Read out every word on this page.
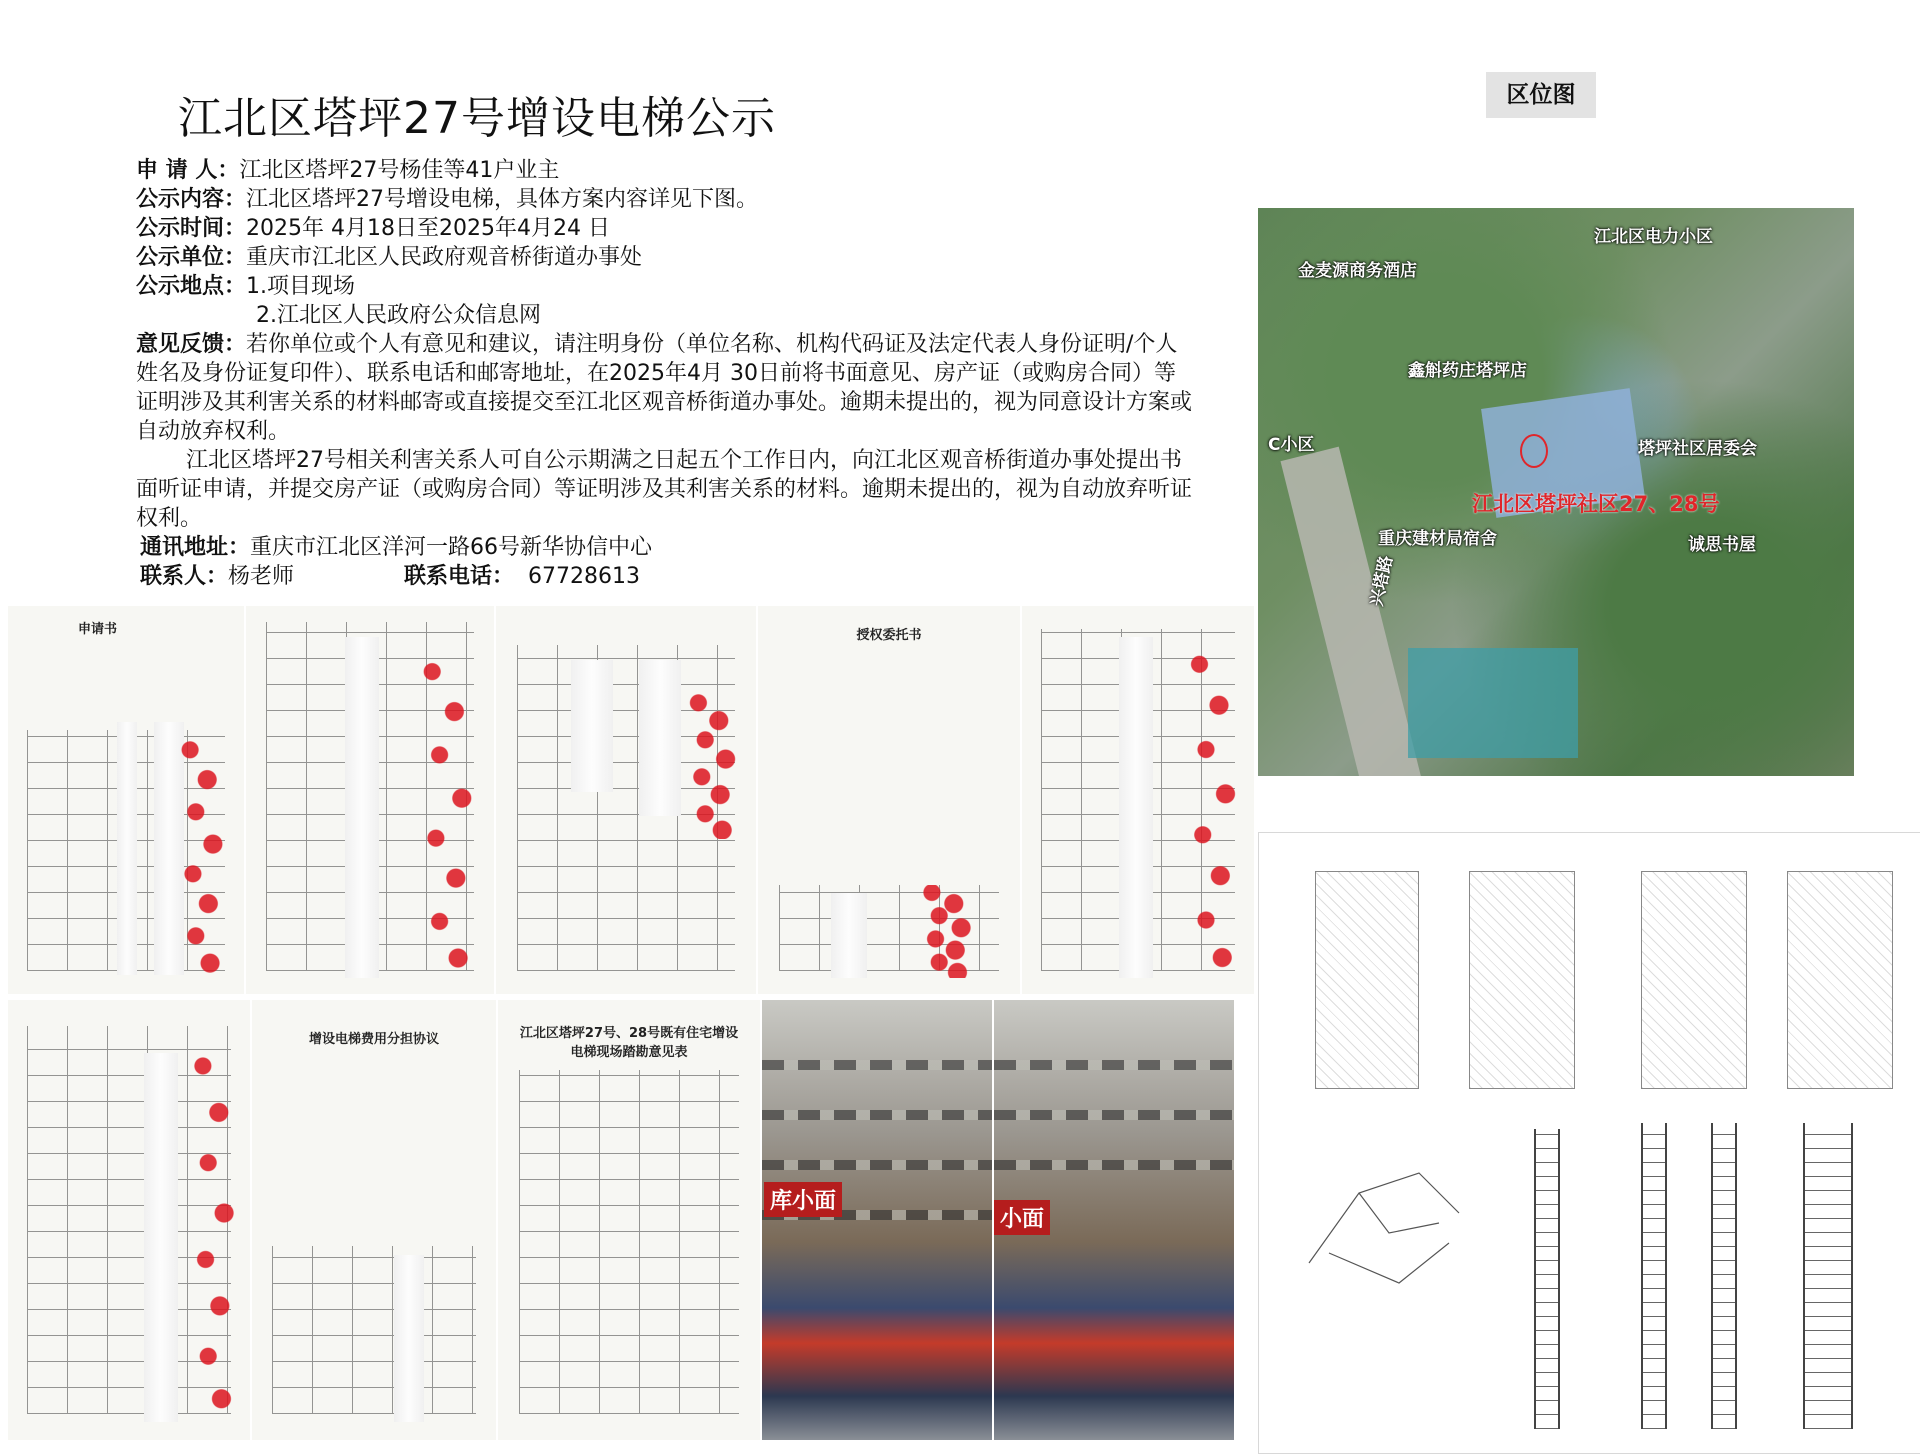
江北区塔坪27号增设电梯公示	区位图
申 请 人： 江北区塔坪27号杨佳等41户业主
公示内容： 江北区塔坪27号增设电梯，具体方案内容详见下图。
公示时间： 2025年 4月18日至2025年4月24 日
公示单位： 重庆市江北区人民政府观音桥街道办事处
公示地点： 1.项目现场
2.江北区人民政府公众信息网
意见反馈：若你单位或个人有意见和建议，请注明身份（单位名称、机构代码证及法定代表人身份证明/个人姓名及身份证复印件）、联系电话和邮寄地址，在2025年4月 30日前将书面意见、房产证（或购房合同）等证明涉及其利害关系的材料邮寄或直接提交至江北区观音桥街道办事处。逾期未提出的，视为同意设计方案或自动放弃权利。
江北区塔坪27号相关利害关系人可自公示期满之日起五个工作日内，向江北区观音桥街道办事处提出书面听证申请，并提交房产证（或购房合同）等证明涉及其利害关系的材料。逾期未提出的，视为自动放弃听证权利。
通讯地址： 重庆市江北区洋河一路66号新华协信中心
联系人： 杨老师	联系电话： 67728613
申请书	授权委托书
增设电梯费用分担协议	江北区塔坪27号、28号既有住宅增设电梯现场踏勘意见表
库小面
小面
金麦源商务酒店
江北区电力小区
鑫斛药庄塔坪店
塔坪社区居委会
重庆建材局宿舍	诚思书屋
兴塔路
C小区
江北区塔坪社区27、28号
